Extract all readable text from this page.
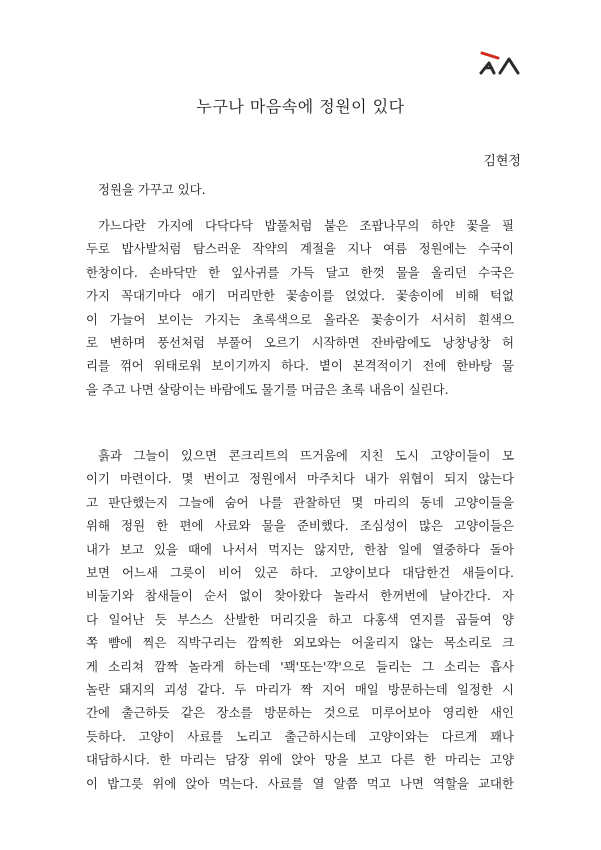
누구나 마음속에 정원이 있다

김현정

정원을 가꾸고 있다.
가느다란 가지에 다닥다닥 밥풀처럼 붙은 조팝나무의 하얀 꽃을 필
두로 밥사발처럼 탐스러운 작약의 계절을 지나 여름 정원에는 수국이
한창이다. 손바닥만 한 잎사귀를 가득 달고 한껏 물을 올리던 수국은
가지 꼭대기마다 애기 머리만한 꽃송이를 얹었다. 꽃송이에 비해 턱없
이 가늘어 보이는 가지는 초록색으로 올라온 꽃송이가 서서히 흰색으
로 변하며 풍선처럼 부풀어 오르기 시작하면 잔바람에도 낭창낭창 허
리를 꺾어 위태로워 보이기까지 하다. 볕이 본격적이기 전에 한바탕 물
을 주고 나면 살랑이는 바람에도 물기를 머금은 초록 내음이 실린다.
흙과 그늘이 있으면 콘크리트의 뜨거움에 지친 도시 고양이들이 모
이기 마련이다. 몇 번이고 정원에서 마주치다 내가 위협이 되지 않는다
고 판단했는지 그늘에 숨어 나를 관찰하던 몇 마리의 동네 고양이들을
위해 정원 한 편에 사료와 물을 준비했다. 조심성이 많은 고양이들은
내가 보고 있을 때에 나서서 먹지는 않지만, 한참 일에 열중하다 돌아
보면 어느새 그릇이 비어 있곤 하다. 고양이보다 대담한건 새들이다.
비둘기와 참새들이 순서 없이 찾아왔다 놀라서 한꺼번에 날아간다. 자
다 일어난 듯 부스스 산발한 머리깃을 하고 다홍색 연지를 곱들여 양
쪽 뺨에 찍은 직박구리는 깜찍한 외모와는 어울리지 않는 목소리로 크
게 소리쳐 깜짝 놀라게 하는데 '꽥'또는'꺅'으로 들리는 그 소리는 흡사
놀란 돼지의 괴성 같다. 두 마리가 짝 지어 매일 방문하는데 일정한 시
간에 출근하듯 같은 장소를 방문하는 것으로 미루어보아 영리한 새인
듯하다. 고양이 사료를 노리고 출근하시는데 고양이와는 다르게 꽤나
대담하시다. 한 마리는 담장 위에 앉아 망을 보고 다른 한 마리는 고양
이 밥그릇 위에 앉아 먹는다. 사료를 열 알쯤 먹고 나면 역할을 교대한
